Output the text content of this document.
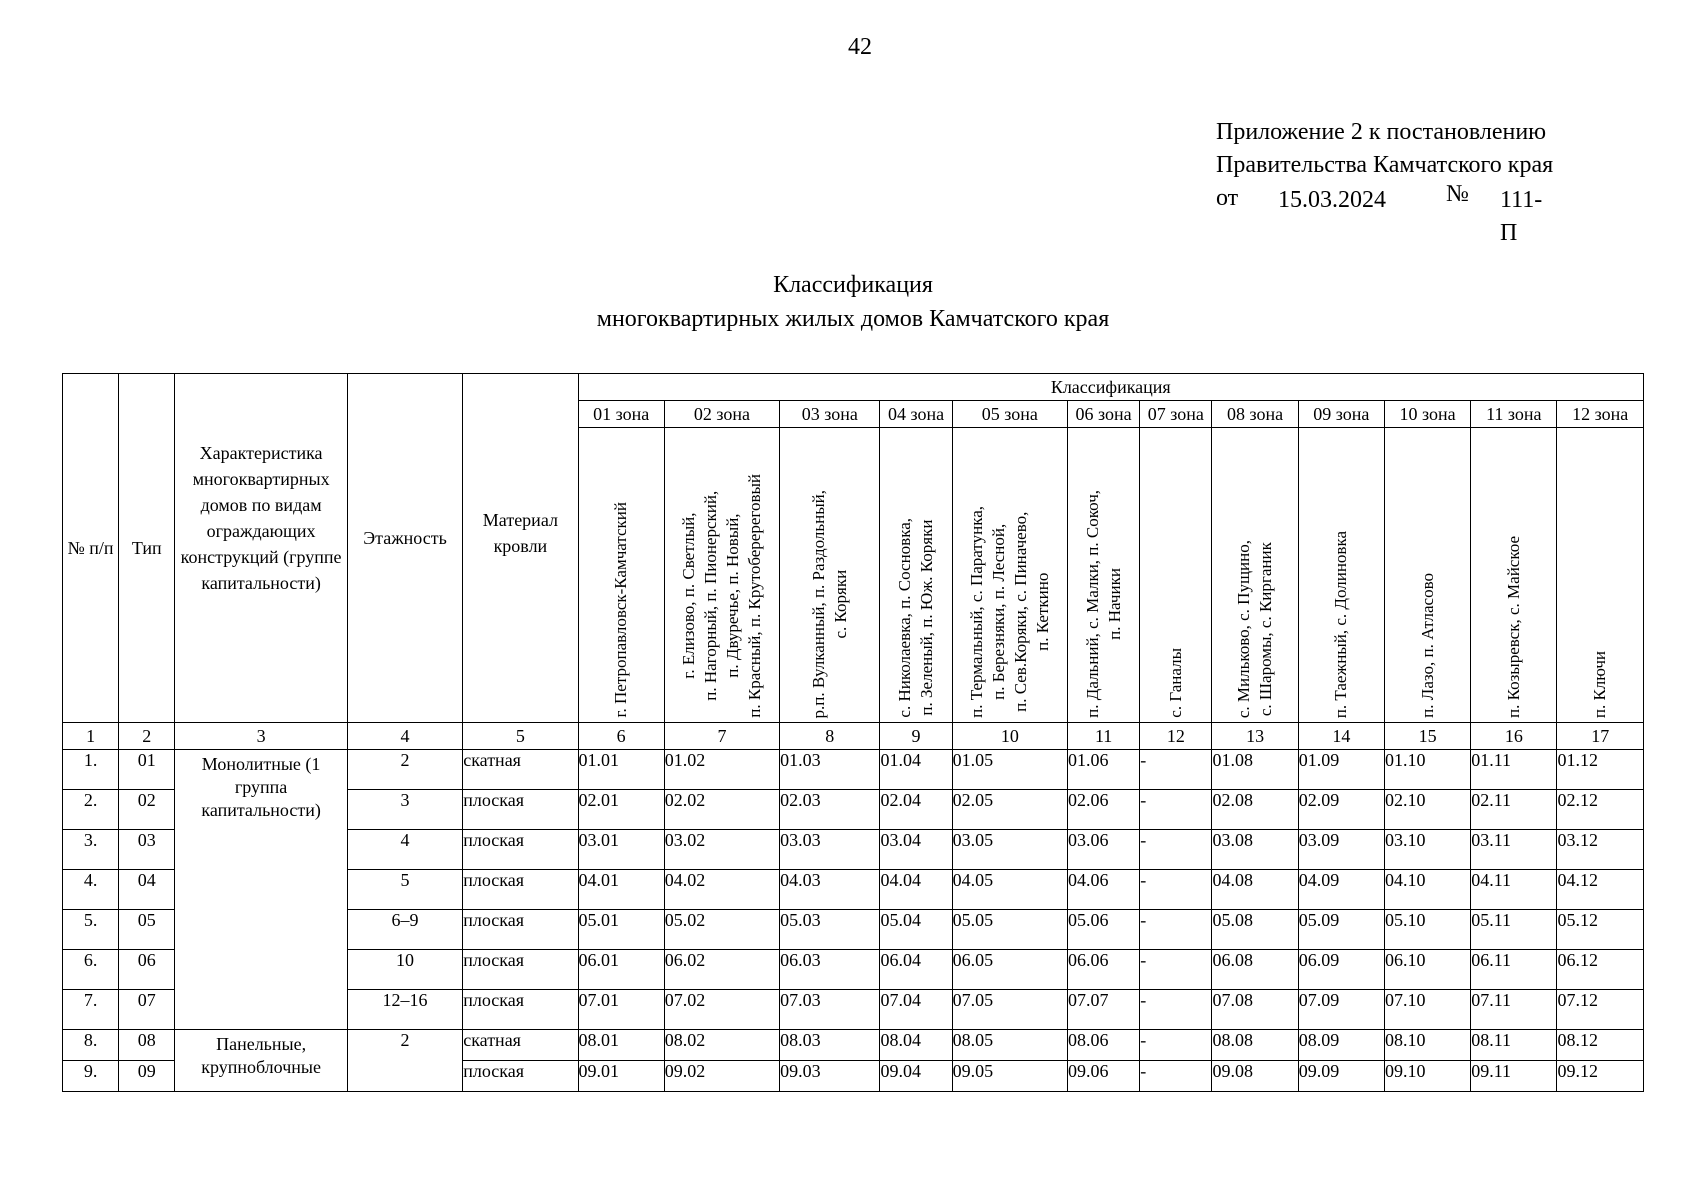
42
Приложение 2 к постановлению
Правительства Камчатского края
от 15.03.2024	№ 111-П
Классификация
многоквартирных жилых домов Камчатского края
№ п/п	Тип	Характеристика многоквартирных домов по видам ограждающих конструкций (группе капитальности)	Этажность	Материал кровли	Классификация											
					01 зона	02 зона	03 зона	04 зона	05 зона	06 зона	07 зона	08 зона	09 зона	10 зона	11 зона	12 зона

					г. Петропавловск-Камчатский	г. Елизово, п. Светлый, п. Нагорный, п. Пионерский, п. Двуречье, п. Новый, п. Красный, п. Крутоберереговый	р.п. Вулканный, п. Раздольный, с. Коряки	с. Николаевка, п. Сосновка, п. Зеленый, п. Юж. Коряки	п. Термальный, с. Паратунка, п. Березняки, п. Лесной, п. Сев.Коряки, с. Пиначево, п. Кеткино	п. Дальний, с. Малки, п. Сокоч, п. Начики	с. Ганалы	с. Мильково, с. Пущино, с. Шаромы, с. Кирганик	п. Таежный, с. Долиновка	п. Лазо, п. Атласово	п. Козыревск, с. Майское	п. Ключи

1	2	3	4	5	6	7	8	9	10	11	12	13	14	15	16	17
1.	01	Монолитные (1 группа капитальности)	2	скатная	01.01	01.02	01.03	01.04	01.05	01.06	-	01.08	01.09	01.10	01.11	01.12
2.	02		3	плоская	02.01	02.02	02.03	02.04	02.05	02.06	-	02.08	02.09	02.10	02.11	02.12
3.	03		4	плоская	03.01	03.02	03.03	03.04	03.05	03.06	-	03.08	03.09	03.10	03.11	03.12
4.	04		5	плоская	04.01	04.02	04.03	04.04	04.05	04.06	-	04.08	04.09	04.10	04.11	04.12
5.	05		6–9	плоская	05.01	05.02	05.03	05.04	05.05	05.06	-	05.08	05.09	05.10	05.11	05.12
6.	06		10	плоская	06.01	06.02	06.03	06.04	06.05	06.06	-	06.08	06.09	06.10	06.11	06.12
7.	07		12–16	плоская	07.01	07.02	07.03	07.04	07.05	07.07	-	07.08	07.09	07.10	07.11	07.12
8.	08	Панельные, крупноблочные	2	скатная	08.01	08.02	08.03	08.04	08.05	08.06	-	08.08	08.09	08.10	08.11	08.12
9.	09			плоская	09.01	09.02	09.03	09.04	09.05	09.06	-	09.08	09.09	09.10	09.11	09.12
